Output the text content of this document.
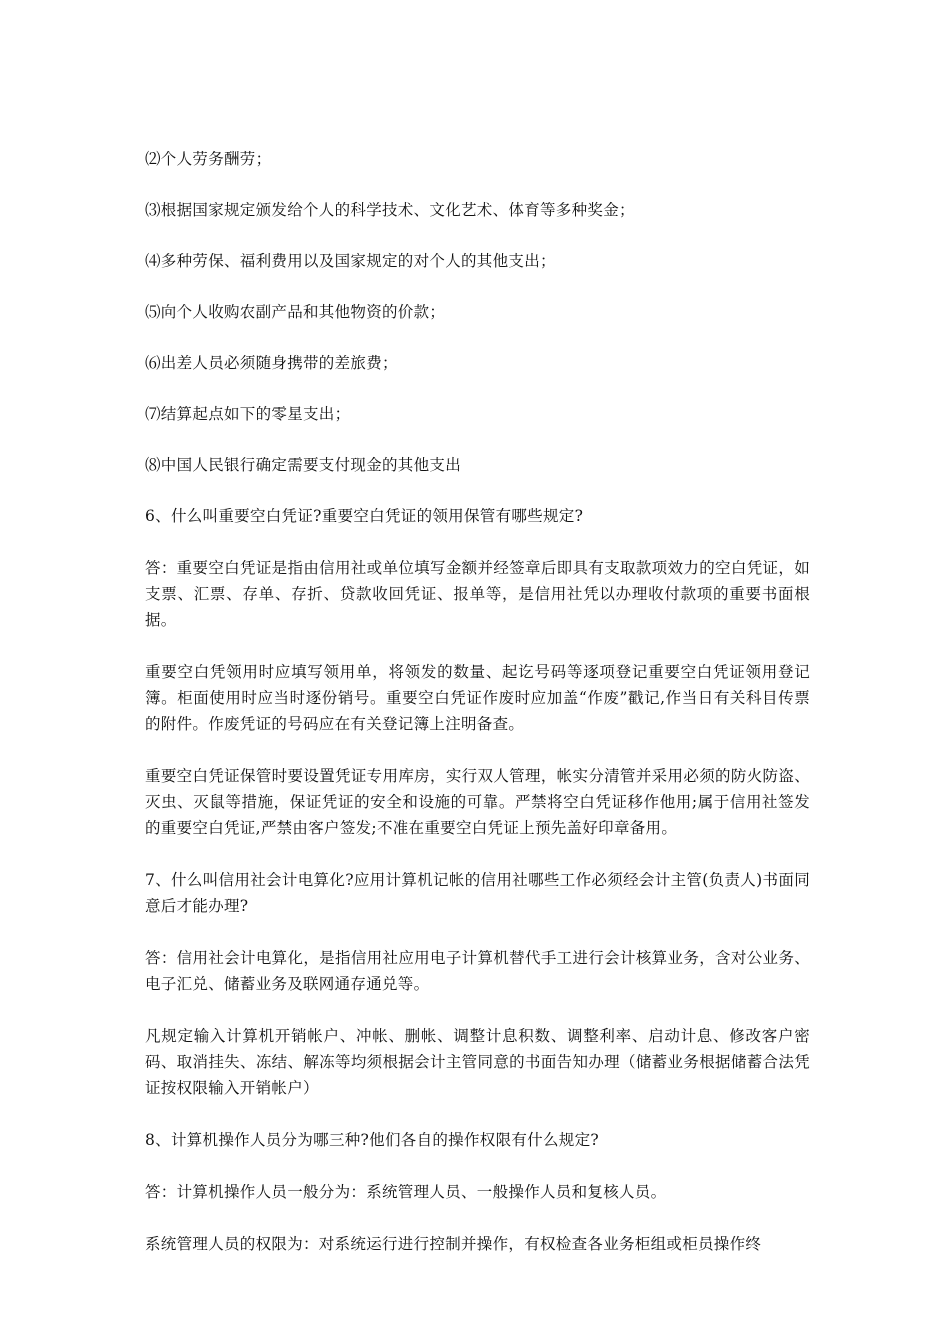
⑵个人劳务酬劳；

⑶根据国家规定颁发给个人的科学技术、文化艺术、体育等多种奖金；

⑷多种劳保、福利费用以及国家规定的对个人的其他支出；

⑸向个人收购农副产品和其他物资的价款；

⑹出差人员必须随身携带的差旅费；

⑺结算起点如下的零星支出；

⑻中国人民银行确定需要支付现金的其他支出

6、什么叫重要空白凭证?重要空白凭证的领用保管有哪些规定?

答：重要空白凭证是指由信用社或单位填写金额并经签章后即具有支取款项效力的空白凭证，如支票、汇票、存单、存折、贷款收回凭证、报单等，是信用社凭以办理收付款项的重要书面根据。

重要空白凭领用时应填写领用单，将领发的数量、起讫号码等逐项登记重要空白凭证领用登记簿。柜面使用时应当时逐份销号。重要空白凭证作废时应加盖“作废”戳记,作当日有关科目传票的附件。作废凭证的号码应在有关登记簿上注明备查。

重要空白凭证保管时要设置凭证专用库房，实行双人管理，帐实分清管并采用必须的防火防盗、灭虫、灭鼠等措施，保证凭证的安全和设施的可靠。严禁将空白凭证移作他用;属于信用社签发的重要空白凭证,严禁由客户签发;不准在重要空白凭证上预先盖好印章备用。

7、什么叫信用社会计电算化?应用计算机记帐的信用社哪些工作必须经会计主管(负责人)书面同意后才能办理?

答：信用社会计电算化，是指信用社应用电子计算机替代手工进行会计核算业务，含对公业务、电子汇兑、储蓄业务及联网通存通兑等。

凡规定输入计算机开销帐户、冲帐、删帐、调整计息积数、调整利率、启动计息、修改客户密码、取消挂失、冻结、解冻等均须根据会计主管同意的书面告知办理（储蓄业务根据储蓄合法凭证按权限输入开销帐户）

8、计算机操作人员分为哪三种?他们各自的操作权限有什么规定?

答：计算机操作人员一般分为：系统管理人员、一般操作人员和复核人员。

系统管理人员的权限为：对系统运行进行控制并操作，有权检查各业务柜组或柜员操作终
